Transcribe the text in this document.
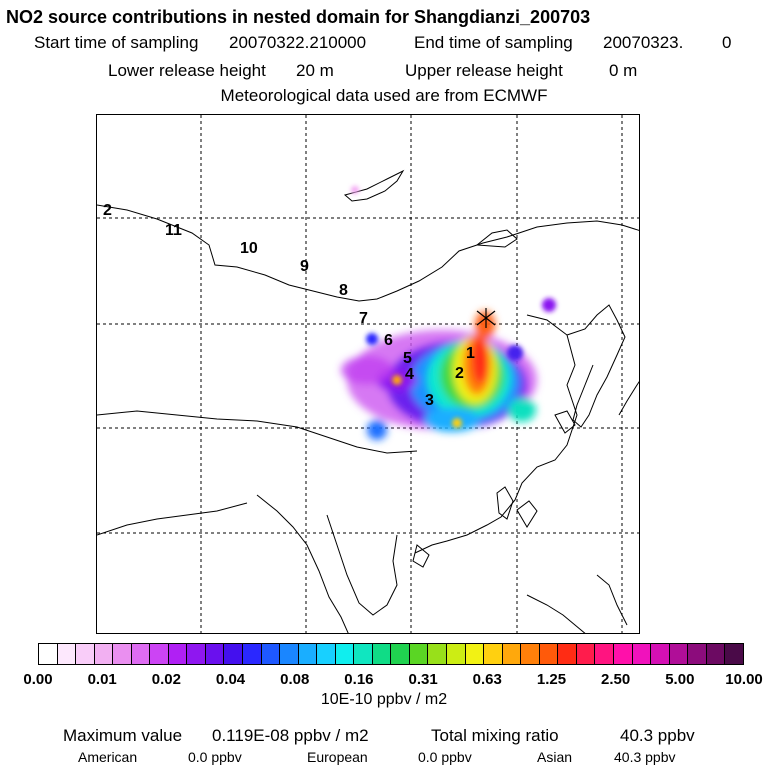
NO2 source contributions in nested domain for Shangdianzi_200703
Start time of sampling 20070322.210000	End time of sampling 20070323. 0
Lower release height 20 m	Upper release height	0 m
Meteorological data used are from ECMWF
1
2
3
4
5
6
7
8
9
10
11
2
0.00 0.01 0.02 0.04 0.08 0.16 0.31 0.63 1.25 2.50 5.00 10.00
10E-10 ppbv / m2
Maximum value 0.119E-08 ppbv / m2	Total mixing ratio	40.3 ppbv
American	0.0 ppbv	European	0.0 ppbv	Asian	40.3 ppbv
